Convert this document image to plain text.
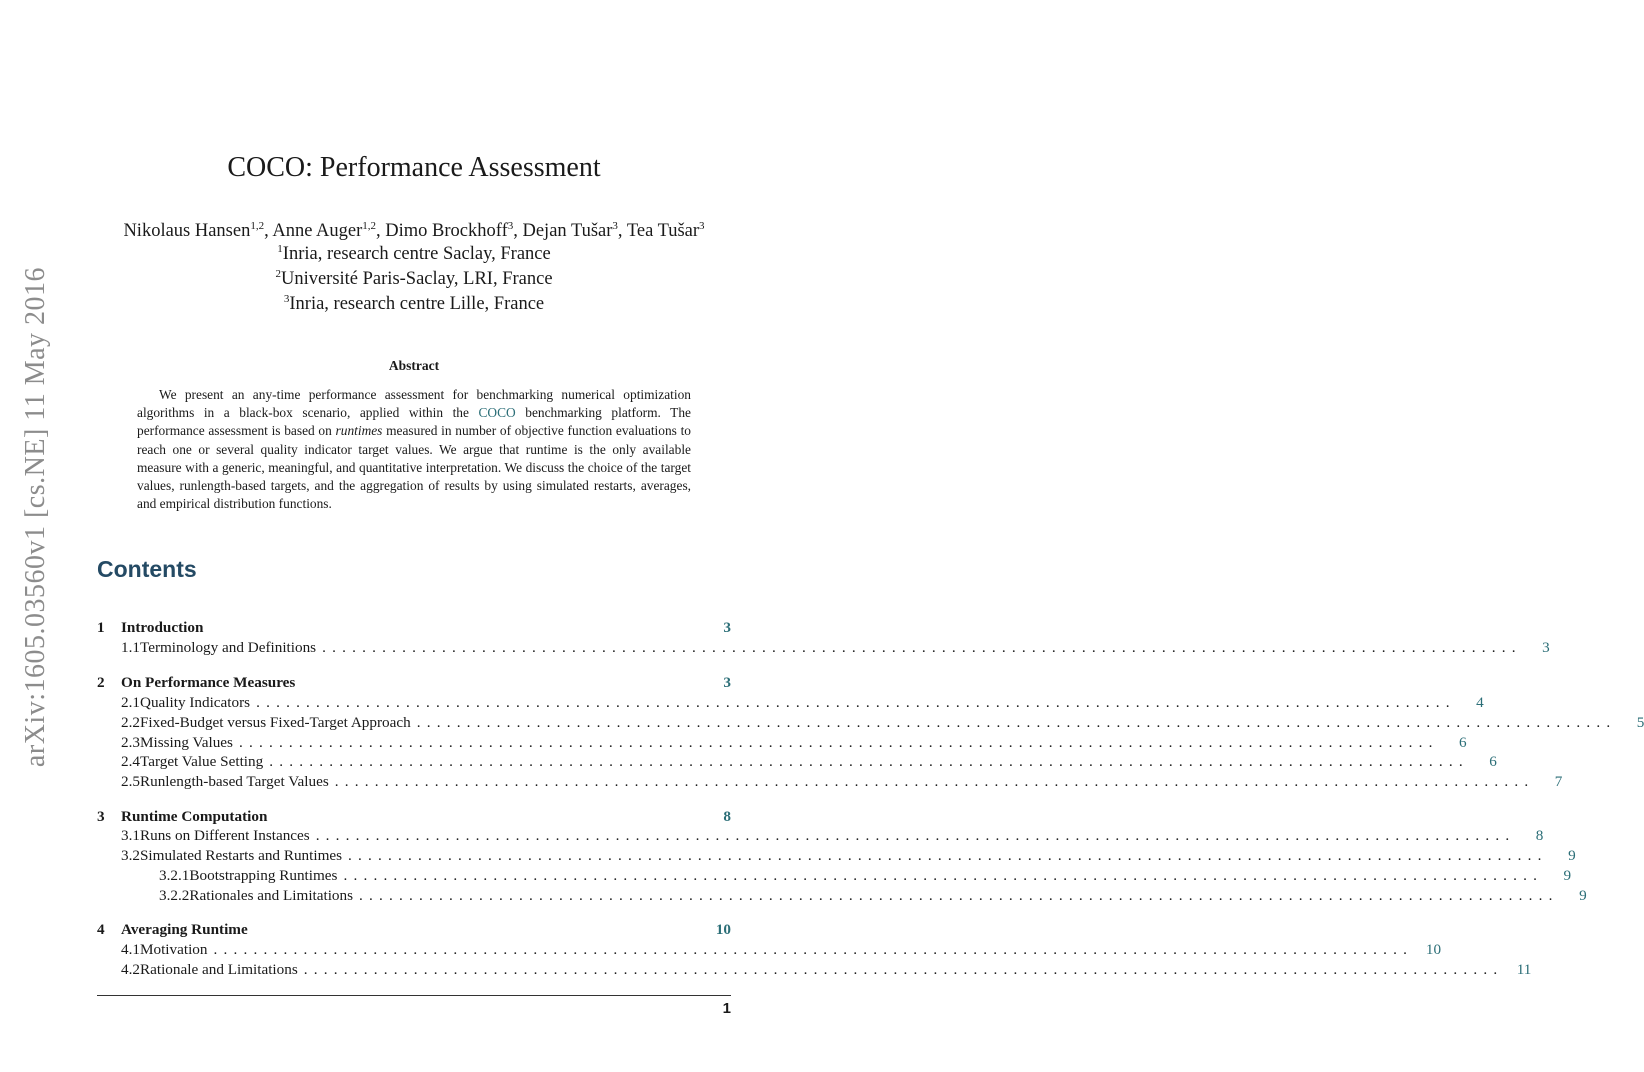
arXiv:1605.03560v1 [cs.NE] 11 May 2016
COCO: Performance Assessment
Nikolaus Hansen$^{1,2}$, Anne Auger$^{1,2}$, Dimo Brockhoff$^3$, Dejan Tušar$^3$, Tea Tušar$^3$
$^1$Inria, research centre Saclay, France
$^2$Université Paris-Saclay, LRI, France
$^3$Inria, research centre Lille, France
Abstract
We present an any-time performance assessment for benchmarking numerical optimization algorithms in a black-box scenario, applied within the COCO benchmarking platform. The performance assessment is based on runtimes measured in number of objective function evaluations to reach one or several quality indicator target values. We argue that runtime is the only available measure with a generic, meaningful, and quantitative interpretation. We discuss the choice of the target values, runlength-based targets, and the aggregation of results by using simulated restarts, averages, and empirical distribution functions.
Contents
1	Introduction	3
1.1 Terminology and Definitions ........................................................................................................................	3
2	On Performance Measures	3
2.1 Quality Indicators ........................................................................................................................	4
2.2 Fixed-Budget versus Fixed-Target Approach ........................................................................................................................	5
2.3 Missing Values ........................................................................................................................	6
2.4 Target Value Setting ........................................................................................................................	6
2.5 Runlength-based Target Values ........................................................................................................................	7
3	Runtime Computation	8
3.1 Runs on Different Instances ........................................................................................................................	8
3.2 Simulated Restarts and Runtimes ........................................................................................................................	9
3.2.1 Bootstrapping Runtimes ........................................................................................................................	9
3.2.2 Rationales and Limitations ........................................................................................................................	9
4	Averaging Runtime	10
4.1 Motivation ........................................................................................................................ 10
4.2 Rationale and Limitations ........................................................................................................................ 11
1
